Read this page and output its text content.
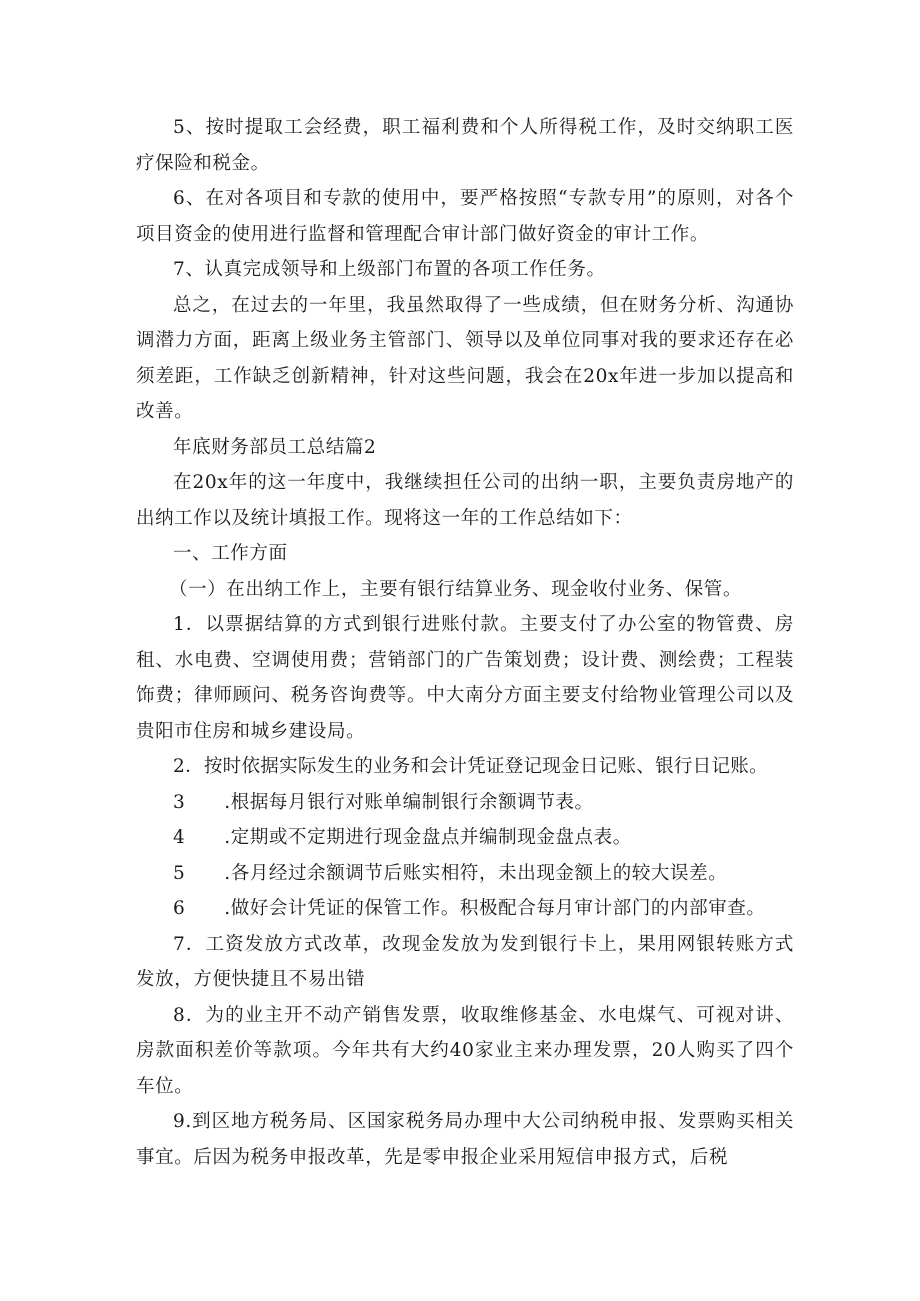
5、按时提取工会经费，职工福利费和个人所得税工作，及时交纳职工医疗保险和税金。

6、在对各项目和专款的使用中，要严格按照“专款专用”的原则，对各个项目资金的使用进行监督和管理配合审计部门做好资金的审计工作。

7、认真完成领导和上级部门布置的各项工作任务。

总之，在过去的一年里，我虽然取得了一些成绩，但在财务分析、沟通协调潜力方面，距离上级业务主管部门、领导以及单位同事对我的要求还存在必须差距，工作缺乏创新精神，针对这些问题，我会在20x年进一步加以提高和改善。

年底财务部员工总结篇2

在20x年的这一年度中，我继续担任公司的出纳一职，主要负责房地产的出纳工作以及统计填报工作。现将这一年的工作总结如下：

一、工作方面

（一）在出纳工作上，主要有银行结算业务、现金收付业务、保管。

1．以票据结算的方式到银行进账付款。主要支付了办公室的物管费、房租、水电费、空调使用费；营销部门的广告策划费；设计费、测绘费；工程装饰费；律师顾问、税务咨询费等。中大南分方面主要支付给物业管理公司以及贵阳市住房和城乡建设局。

2．按时依据实际发生的业务和会计凭证登记现金日记账、银行日记账。

3      .根据每月银行对账单编制银行余额调节表。

4      .定期或不定期进行现金盘点并编制现金盘点表。

5      .各月经过余额调节后账实相符，未出现金额上的较大误差。

6      .做好会计凭证的保管工作。积极配合每月审计部门的内部审查。

7．工资发放方式改革，改现金发放为发到银行卡上，果用网银转账方式发放，方便快捷且不易出错

8．为的业主开不动产销售发票，收取维修基金、水电煤气、可视对讲、房款面积差价等款项。今年共有大约40家业主来办理发票，20人购买了四个车位。

9.到区地方税务局、区国家税务局办理中大公司纳税申报、发票购买相关事宜。后因为税务申报改革，先是零申报企业采用短信申报方式，后税
